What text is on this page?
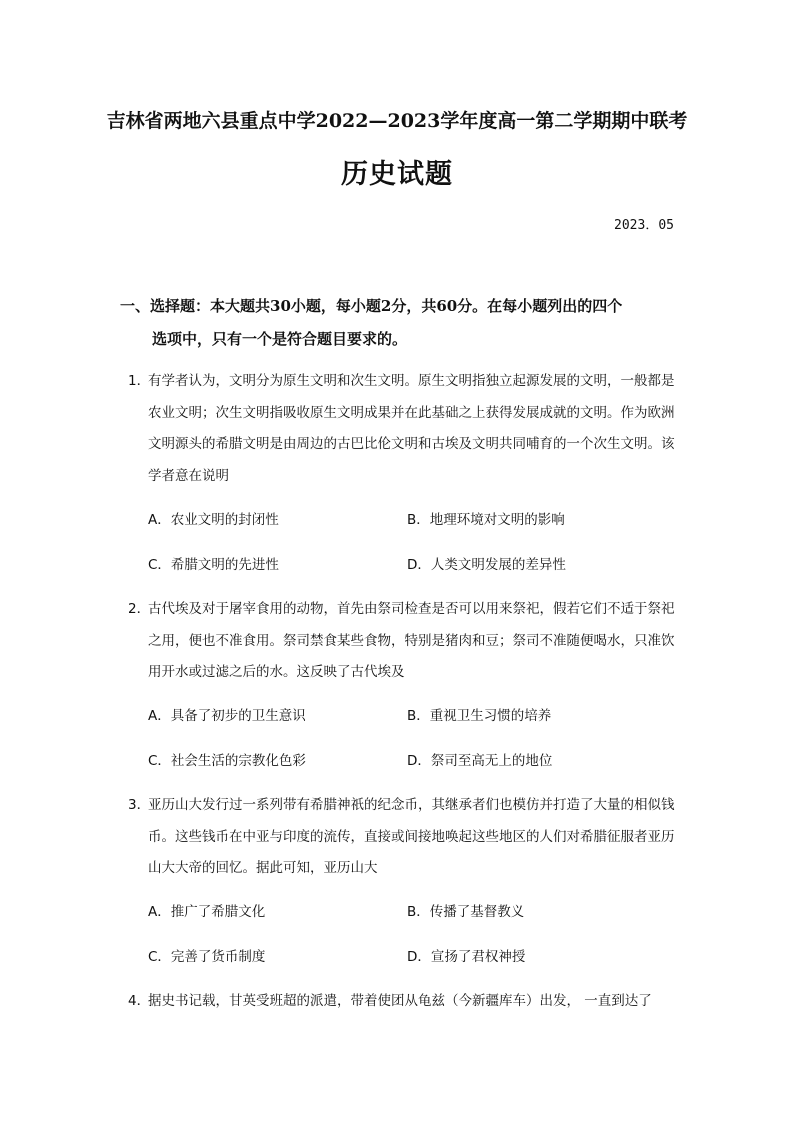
吉林省两地六县重点中学2022—2023学年度高一第二学期期中联考
历史试题
2023．05
一、选择题：本大题共30小题，每小题2分，共60分。在每小题列出的四个
选项中，只有一个是符合题目要求的。
1．
有学者认为，文明分为原生文明和次生文明。原生文明指独立起源发展的文明，一般都是农业文明；次生文明指吸收原生文明成果并在此基础之上获得发展成就的文明。作为欧洲文明源头的希腊文明是由周边的古巴比伦文明和古埃及文明共同哺育的一个次生文明。该学者意在说明
A．农业文明的封闭性	B．地理环境对文明的影响
C．希腊文明的先进性	D．人类文明发展的差异性
2．
古代埃及对于屠宰食用的动物，首先由祭司检查是否可以用来祭祀，假若它们不适于祭祀之用，便也不准食用。祭司禁食某些食物，特别是猪肉和豆；祭司不准随便喝水，只准饮用开水或过滤之后的水。这反映了古代埃及
A．具备了初步的卫生意识	B．重视卫生习惯的培养
C．社会生活的宗教化色彩	D．祭司至高无上的地位
3．
亚历山大发行过一系列带有希腊神祇的纪念币，其继承者们也模仿并打造了大量的相似钱币。这些钱币在中亚与印度的流传，直接或间接地唤起这些地区的人们对希腊征服者亚历山大大帝的回忆。据此可知，亚历山大
A．推广了希腊文化	B．传播了基督教义
C．完善了货币制度	D．宣扬了君权神授
4．
据史书记载，甘英受班超的派遣，带着使团从龟兹（今新疆库车）出发， 一直到达了
